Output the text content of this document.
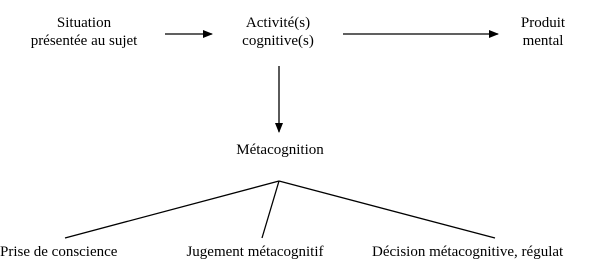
Situation
présentée au sujet
Activité(s)
cognitive(s)
Produit
mental
Métacognition
Prise de conscience	Jugement métacognitif	Décision métacognitive, régulat
